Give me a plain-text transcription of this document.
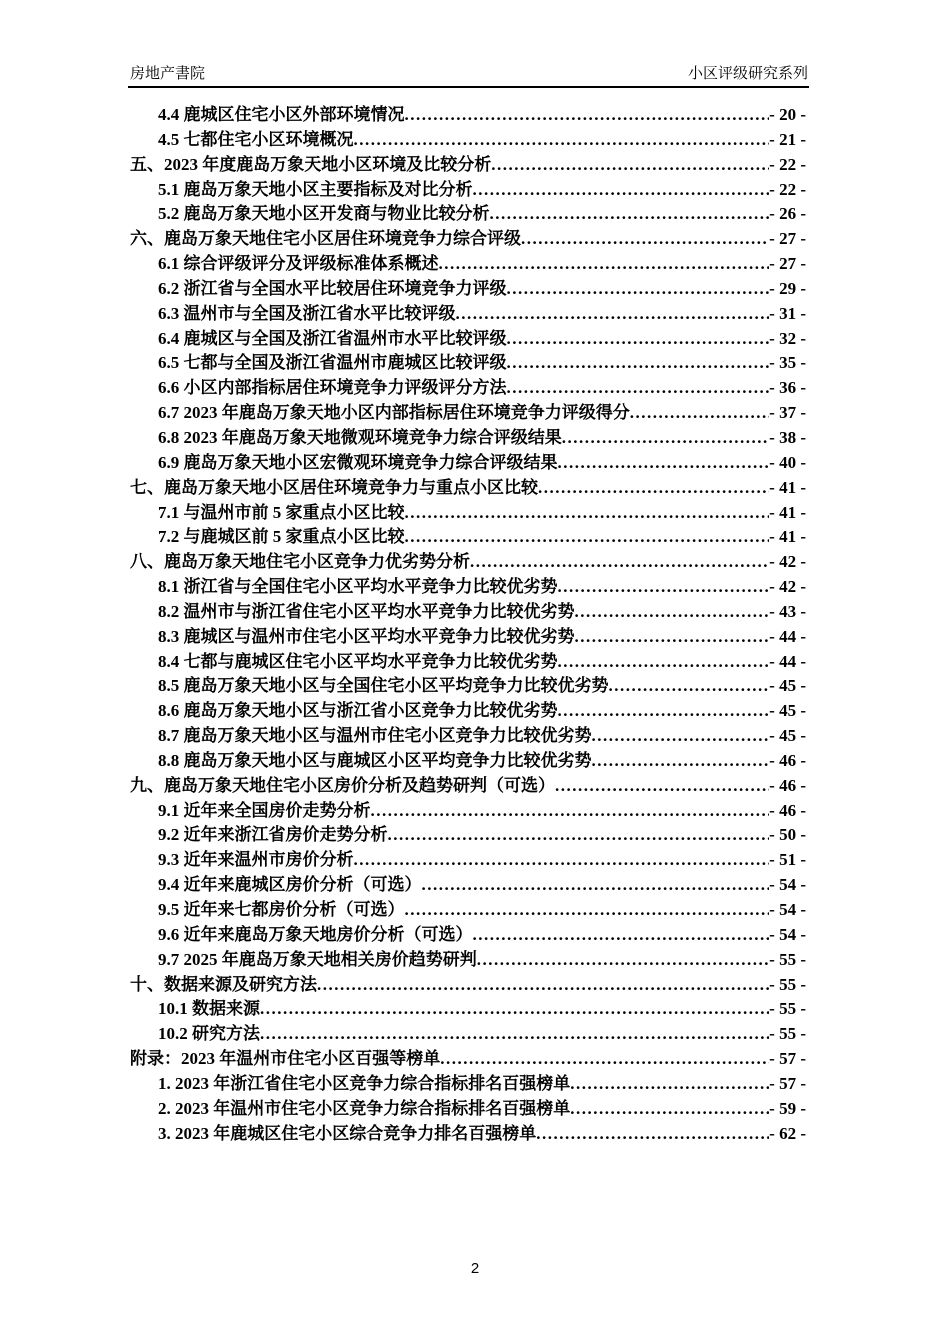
房地产書院	小区评级研究系列
4.4 鹿城区住宅小区外部环境情况 .....	- 20 -
4.5 七都住宅小区环境概况 .....	- 21 -
五、2023 年度鹿岛万象天地小区环境及比较分析 .....	- 22 -
5.1 鹿岛万象天地小区主要指标及对比分析 .....	- 22 -
5.2 鹿岛万象天地小区开发商与物业比较分析 .....	- 26 -
六、鹿岛万象天地住宅小区居住环境竞争力综合评级 .....	- 27 -
6.1 综合评级评分及评级标准体系概述 .....	- 27 -
6.2 浙江省与全国水平比较居住环境竞争力评级 .....	- 29 -
6.3 温州市与全国及浙江省水平比较评级 .....	- 31 -
6.4 鹿城区与全国及浙江省温州市水平比较评级 .....	- 32 -
6.5 七都与全国及浙江省温州市鹿城区比较评级 .....	- 35 -
6.6 小区内部指标居住环境竞争力评级评分方法 .....	- 36 -
6.7 2023 年鹿岛万象天地小区内部指标居住环境竞争力评级得分 .....	- 37 -
6.8 2023 年鹿岛万象天地微观环境竞争力综合评级结果 .....	- 38 -
6.9 鹿岛万象天地小区宏微观环境竞争力综合评级结果 .....	- 40 -
七、鹿岛万象天地小区居住环境竞争力与重点小区比较 .....	- 41 -
7.1 与温州市前 5 家重点小区比较 .....	- 41 -
7.2 与鹿城区前 5 家重点小区比较 .....	- 41 -
八、鹿岛万象天地住宅小区竞争力优劣势分析 .....	- 42 -
8.1 浙江省与全国住宅小区平均水平竞争力比较优劣势 .....	- 42 -
8.2 温州市与浙江省住宅小区平均水平竞争力比较优劣势 .....	- 43 -
8.3 鹿城区与温州市住宅小区平均水平竞争力比较优劣势 .....	- 44 -
8.4 七都与鹿城区住宅小区平均水平竞争力比较优劣势 .....	- 44 -
8.5 鹿岛万象天地小区与全国住宅小区平均竞争力比较优劣势 .....	- 45 -
8.6 鹿岛万象天地小区与浙江省小区竞争力比较优劣势 .....	- 45 -
8.7 鹿岛万象天地小区与温州市住宅小区竞争力比较优劣势 .....	- 45 -
8.8 鹿岛万象天地小区与鹿城区小区平均竞争力比较优劣势 .....	- 46 -
九、鹿岛万象天地住宅小区房价分析及趋势研判（可选） .....	- 46 -
9.1 近年来全国房价走势分析 .....	- 46 -
9.2 近年来浙江省房价走势分析 .....	- 50 -
9.3 近年来温州市房价分析 .....	- 51 -
9.4 近年来鹿城区房价分析（可选） .....	- 54 -
9.5 近年来七都房价分析（可选） .....	- 54 -
9.6 近年来鹿岛万象天地房价分析（可选） .....	- 54 -
9.7 2025 年鹿岛万象天地相关房价趋势研判 .....	- 55 -
十、数据来源及研究方法 .....	- 55 -
10.1 数据来源 .....	- 55 -
10.2 研究方法 .....	- 55 -
附录：2023 年温州市住宅小区百强等榜单 .....	- 57 -
1. 2023 年浙江省住宅小区竞争力综合指标排名百强榜单 .....	- 57 -
2. 2023 年温州市住宅小区竞争力综合指标排名百强榜单 .....	- 59 -
3. 2023 年鹿城区住宅小区综合竞争力排名百强榜单 .....	- 62 -
2
